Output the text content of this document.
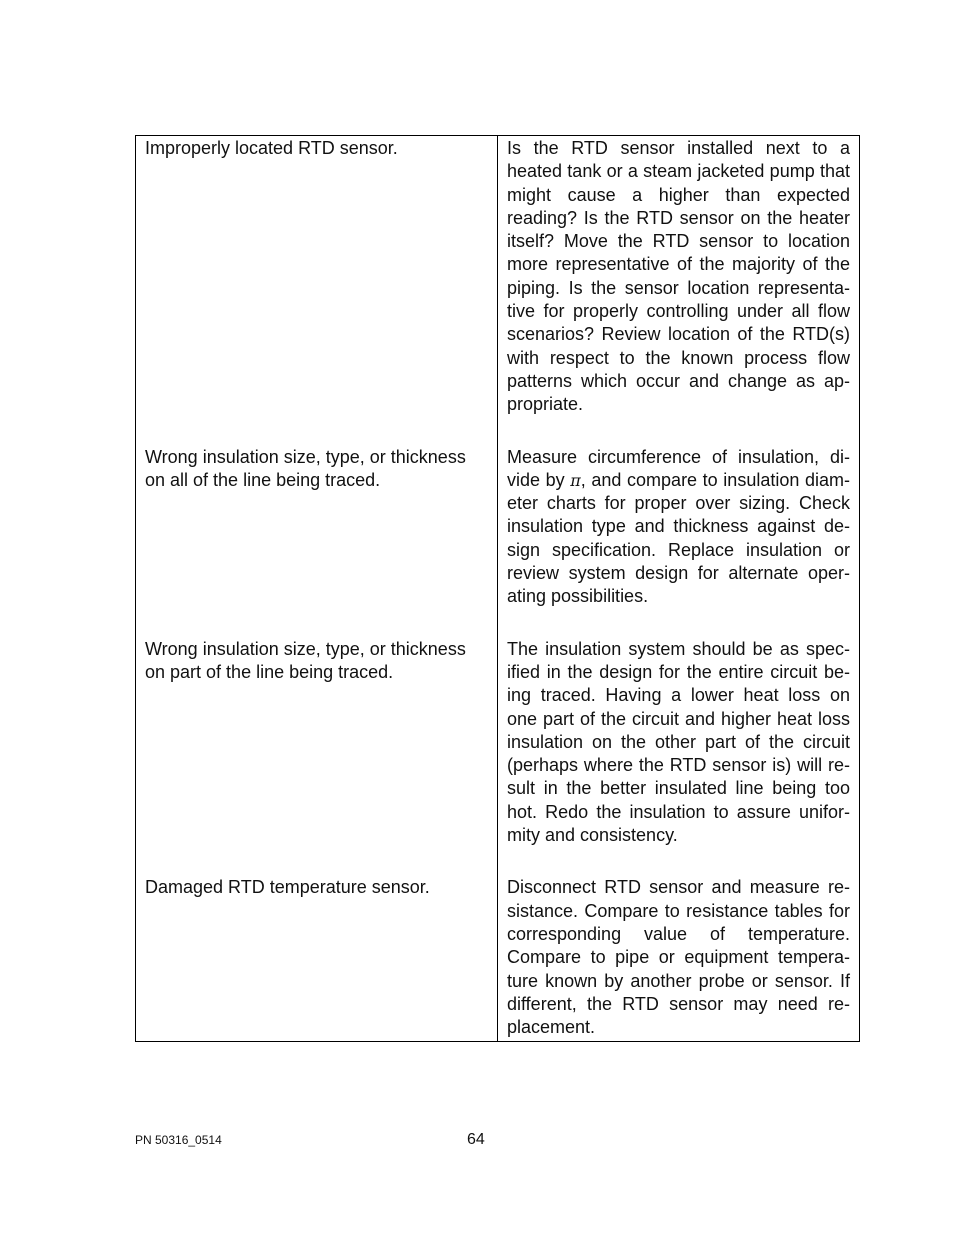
Improperly located RTD sensor.	Is the RTD sensor installed next to a heated tank or a steam jacketed pump that might cause a higher than expected reading? Is the RTD sensor on the heater itself? Move the RTD sensor to location more representative of the majority of the piping. Is the sensor location representative for properly controlling under all flow scenarios? Review location of the RTD(s) with respect to the known process flow patterns which occur and change as appropriate.

Wrong insulation size, type, or thickness on all of the line being traced.	Measure circumference of insulation, divide by π, and compare to insulation diameter charts for proper over sizing. Check insulation type and thickness against design specification. Replace insulation or review system design for alternate operating possibilities.

Wrong insulation size, type, or thickness on part of the line being traced.	The insulation system should be as specified in the design for the entire circuit being traced. Having a lower heat loss on one part of the circuit and higher heat loss insulation on the other part of the circuit (perhaps where the RTD sensor is) will result in the better insulated line being too hot. Redo the insulation to assure uniformity and consistency.

Damaged RTD temperature sensor.	Disconnect RTD sensor and measure resistance. Compare to resistance tables for corresponding value of temperature. Compare to pipe or equipment temperature known by another probe or sensor. If different, the RTD sensor may need replacement.
PN 50316_0514	64
